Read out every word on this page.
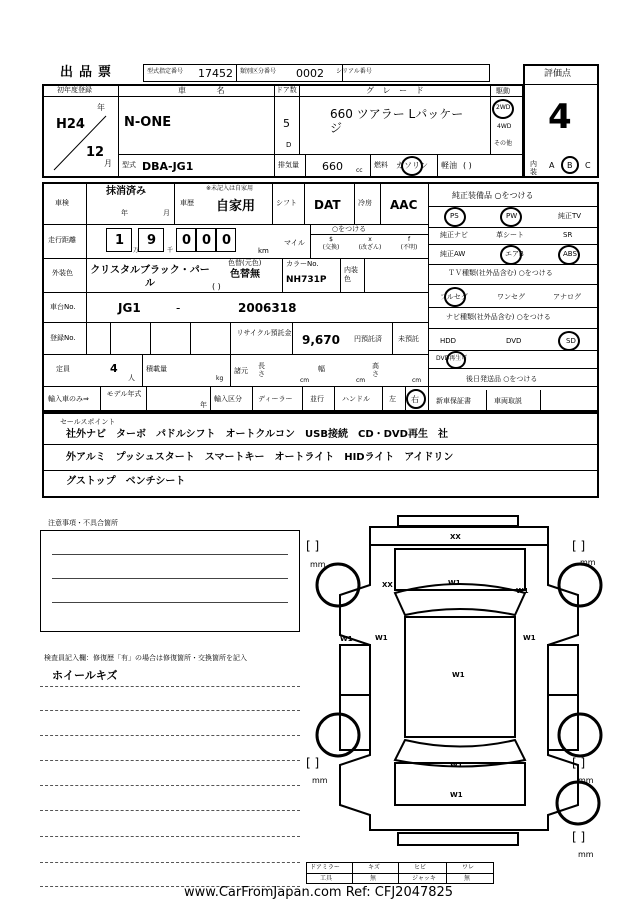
出品票	型式指定番号 17452 類別区分番号 0002 シリアル番号	評価点
4
初年度登録
年
H24
12
月
車 名
N-ONE
ドア数
5
D
グ レ ー ド
660 ツアラー Lパッケージ
駆動
2WD
4WD
その他
型式 DBA-JG1	排気量 660 cc
燃料 ガソリン 軽油 ( )	内装
A B C
車検
抹消済み
年	月
※未記入は自家用
車歴 自家用	シフト DAT 冷房 AAC
走行距離	1 9 0 0 0
万	千	km
マイル
○をつける
$
(交換)
x
(改ざん)
f
(不明)
外装色 クリスタルブラック・パール
色替(元色)
色替無
( )
カラーNo.
NH731P
内装色
車台No.	JG1	-	2006318
登録No.
リサイクル預託金 9,670 円預託済 未預託
定員	4
人
積載量
kg
諸元
長さ
cm
幅
cm
高さ
cm
輸入車のみ⇒
モデル年式
年
輸入区分 ディーラー	並行	ハンドル	左 右
純正装備品 ○をつける
PS	PW	純正TV
純正ナビ	革シート	SR
純正AW	エアB	ABS
ＴＶ種類(社外品含む) ○をつける
フルセグ	ワンセグ	アナログ
ナビ種類(社外品含む) ○をつける
HDD	DVD	SD
DVD再生可
後日発送品 ○をつける
新車保証書	車両取説
セールスポイント
社外ナビ　ターボ　パドルシフト　オートクルコン　USB接続　CD・DVD再生　社
外アルミ　プッシュスタート　スマートキー　オートライト　HIDライト　アイドリン
グストップ　ベンチシート
注意事項・不具合箇所
検査員記入欄：修復歴「有」の場合は修復箇所・交換箇所を記入
ホイールキズ
XX
XX	W1
W1
W1	W1	W1
W1
W1
W1
mm	mm
mm	mm
mm
[ ]	[ ]
[ ]	[ ]
[ ]
ドアミラー	キズ	ヒビ	ワレ
工具	無	ジャッキ	無
www.CarFromJapan.com Ref: CFJ2047825
